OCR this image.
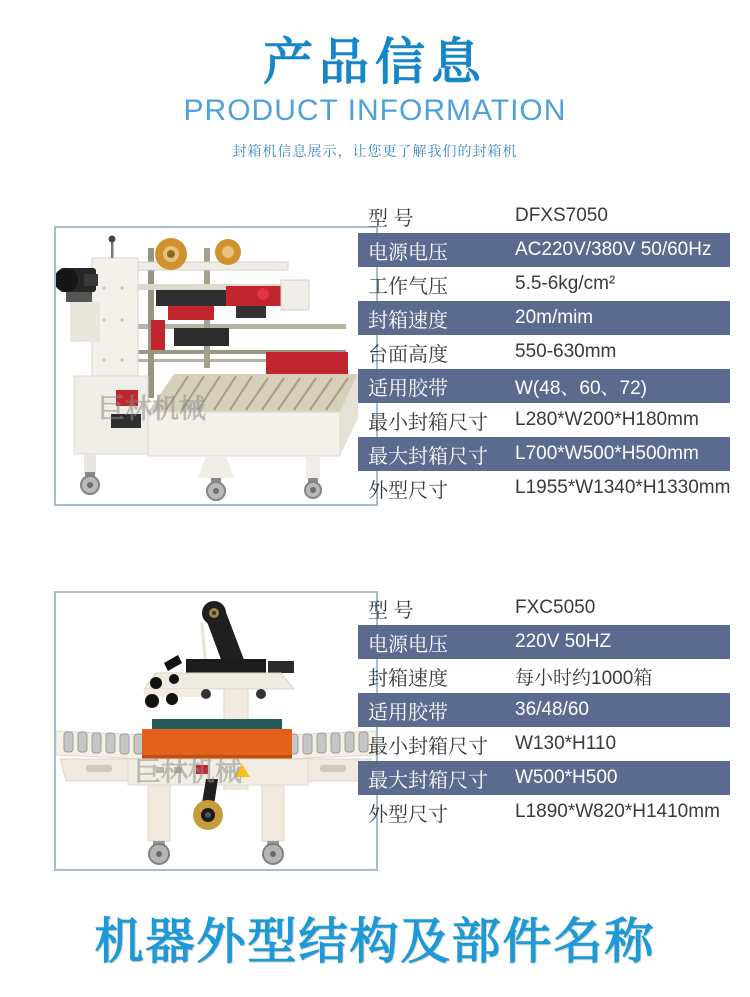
产品信息
PRODUCT INFORMATION
封箱机信息展示，让您更了解我们的封箱机
巨林机械
型 号	DFXS7050
电源电压	AC220V/380V 50/60Hz
工作气压	5.5-6kg/cm²
封箱速度	20m/mim
台面高度	550-630mm
适用胶带	W(48、60、72)
最小封箱尺寸	L280*W200*H180mm
最大封箱尺寸	L700*W500*H500mm
外型尺寸	L1955*W1340*H1330mm
巨林机械
型 号	FXC5050
电源电压	220V 50HZ
封箱速度	每小时约1000箱
适用胶带	36/48/60
最小封箱尺寸	W130*H110
最大封箱尺寸	W500*H500
外型尺寸	L1890*W820*H1410mm
机器外型结构及部件名称
